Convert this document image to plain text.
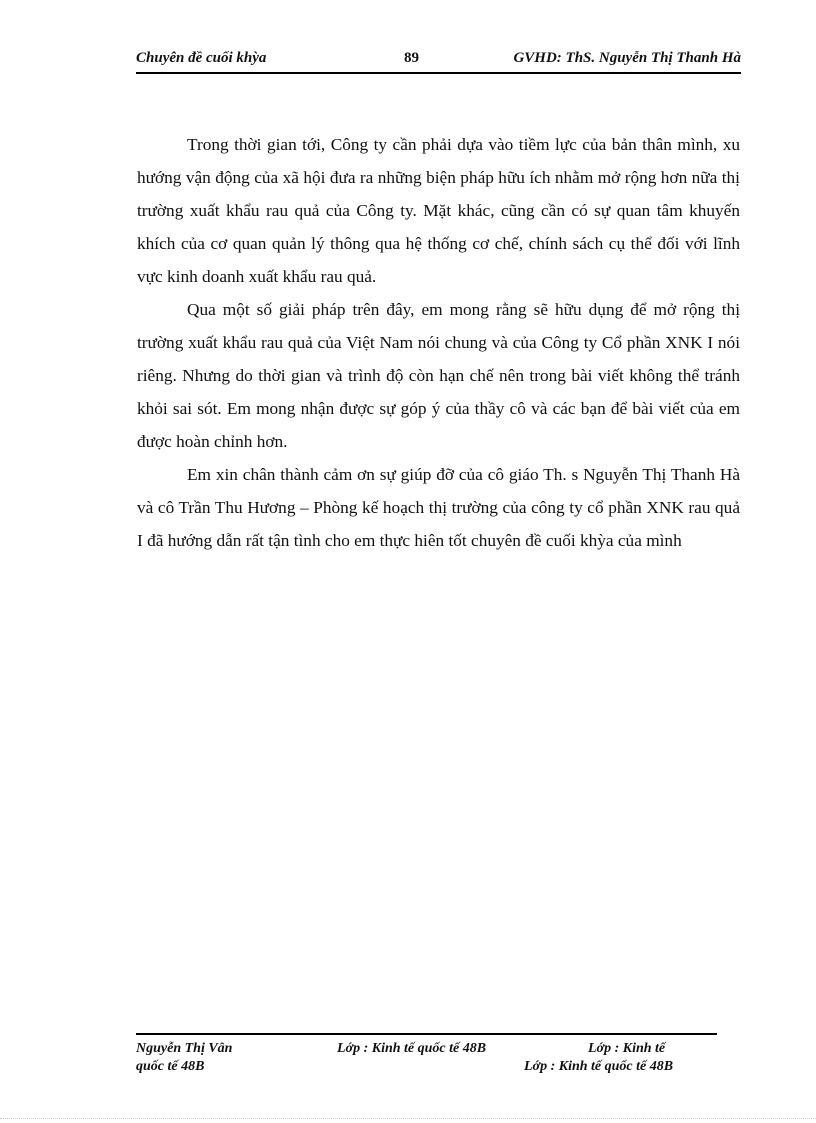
Chuyên đề cuối khỳa	89	GVHD: ThS. Nguyễn Thị Thanh Hà

Trong thời gian tới, Công ty cần phải dựa vào tiềm lực của bản thân mình, xu hướng vận động của xã hội đưa ra những biện pháp hữu ích nhằm mở rộng hơn nữa thị trường xuất khẩu rau quả của Công ty. Mặt khác, cũng cần có sự quan tâm khuyến khích của cơ quan quản lý thông qua hệ thống cơ chế, chính sách cụ thể đối với lĩnh vực kinh doanh xuất khẩu rau quả.

Qua một số giải pháp trên đây, em mong rằng sẽ hữu dụng để mở rộng thị trường xuất khẩu rau quả của Việt Nam nói chung và của Công ty Cổ phần XNK I nói riêng. Nhưng do thời gian và trình độ còn hạn chế nên trong bài viết không thể tránh khỏi sai sót. Em mong nhận được sự góp ý của thầy cô và các bạn để bài viết của em được hoàn chỉnh hơn.

Em xin chân thành cảm ơn sự giúp đỡ của cô giáo Th. s Nguyễn Thị Thanh Hà và cô Trần Thu Hương – Phòng kế hoạch thị trường của công ty cổ phần XNK rau quả I đã hướng dẫn rất tận tình cho em thực hiên tốt chuyên đề cuối khỳa của mình

Nguyễn Thị Vân	Lớp : Kinh tế quốc tế 48B	Lớp : Kinh tế
quốc tế 48B	Lớp : Kinh tế quốc tế 48B
